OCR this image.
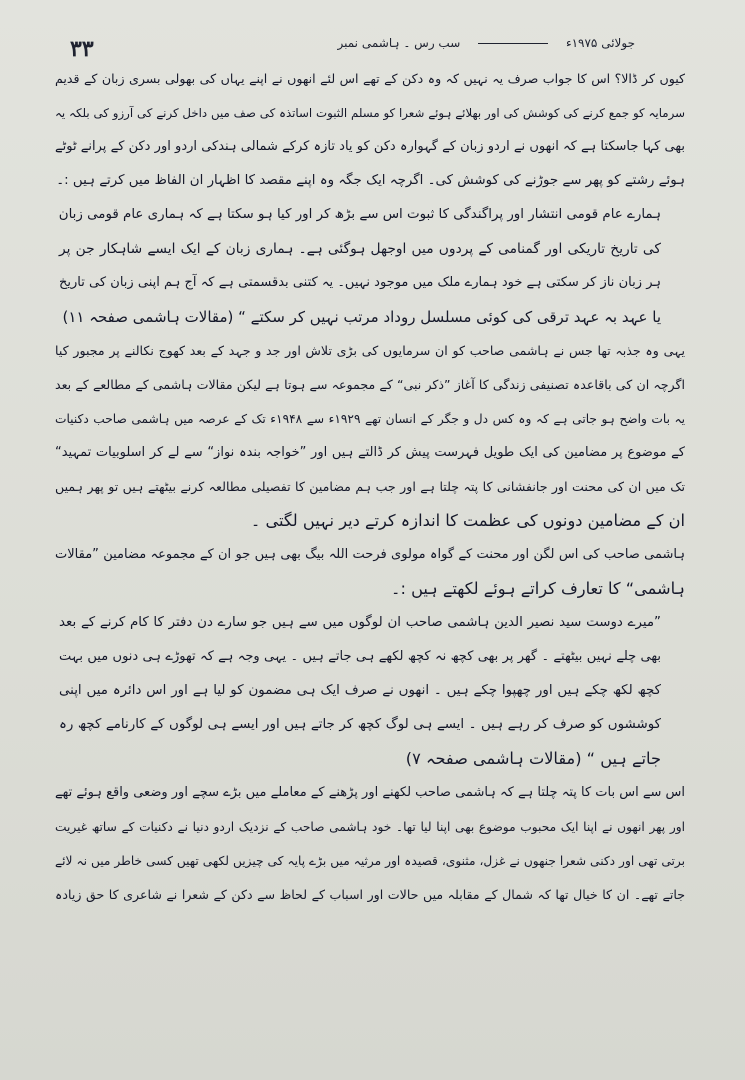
۳۳	جولائی ۱۹۷۵ء  سب رس ۔ ہاشمی نمبر
کیوں کر ڈالا؟ اس کا جواب صرف یہ نہیں کہ وہ دکن کے تھے اس لئے انھوں نے اپنے یہاں کی بھولی بسری زبان کے قدیم
سرمایہ کو جمع کرنے کی کوشش کی اور بھلائے ہوئے شعرا کو مسلم الثبوت اساتذہ کی صف میں داخل کرنے کی آرزو کی بلکہ یہ
بھی کہا جاسکتا ہے کہ انھوں نے اردو زبان کے گہوارہ دکن کو یاد تازہ کرکے شمالی ہندکی اردو اور دکن کے پرانے ٹوٹے
ہوئے رشتے کو پھر سے جوڑنے کی کوشش کی۔ اگرچہ ایک جگہ وہ اپنے مقصد کا اظہار ان الفاظ میں کرتے ہیں :۔
ہمارے عام قومی انتشار اور پراگندگی کا ثبوت اس سے بڑھ کر اور کیا ہو سکتا ہے کہ ہماری عام قومی زبان
کی تاریخ تاریکی اور گمنامی کے پردوں میں اوجھل ہوگئی ہے۔ ہماری زبان کے ایک ایسے شاہکار جن پر
ہر زبان ناز کر سکتی ہے خود ہمارے ملک میں موجود نہیں۔ یہ کتنی بدقسمتی ہے کہ آج ہم اپنی زبان کی تاریخ
یا عہد بہ عہد ترقی کی کوئی مسلسل روداد مرتب نہیں کر سکتے “ (مقالات ہاشمی صفحہ ۱۱)
یہی وہ جذبہ تھا جس نے ہاشمی صاحب کو ان سرمایوں کی بڑی تلاش اور جد و جہد کے بعد کھوج نکالنے پر مجبور کیا
اگرچہ ان کی باقاعدہ تصنیفی زندگی کا آغاز ”ذکر نبی“ کے مجموعہ سے ہوتا ہے لیکن مقالات ہاشمی کے مطالعے کے بعد
یہ بات واضح ہو جاتی ہے کہ وہ کس دل و جگر کے انسان تھے ۱۹۲۹ء سے ۱۹۴۸ء تک کے عرصہ میں ہاشمی صاحب دکنیات
کے موضوع پر مضامین کی ایک طویل فہرست پیش کر ڈالتے ہیں اور ”خواجہ بندہ نواز“ سے لے کر اسلوبیات تمہید“
تک میں ان کی محنت اور جانفشانی کا پتہ چلتا ہے اور جب ہم مضامین کا تفصیلی مطالعہ کرنے بیٹھتے ہیں تو پھر ہمیں
ان کے مضامین دونوں کی عظمت کا اندازہ کرتے دیر نہیں لگتی ۔
ہاشمی صاحب کی اس لگن اور محنت کے گواہ مولوی فرحت اللہ بیگ بھی ہیں جو ان کے مجموعہ مضامین ”مقالات
ہاشمی“ کا تعارف کراتے ہوئے لکھتے ہیں :۔
”میرے دوست سید نصیر الدین ہاشمی صاحب ان لوگوں میں سے ہیں جو سارے دن دفتر کا کام کرنے کے بعد
بھی چلے نہیں بیٹھتے ۔ گھر پر بھی کچھ نہ کچھ لکھے ہی جاتے ہیں ۔ یہی وجہ ہے کہ تھوڑے ہی دنوں میں بہت
کچھ لکھ چکے ہیں اور چھپوا چکے ہیں ۔ انھوں نے صرف ایک ہی مضمون کو لیا ہے اور اس دائرہ میں اپنی
کوششوں کو صرف کر رہے ہیں ۔ ایسے ہی لوگ کچھ کر جاتے ہیں اور ایسے ہی لوگوں کے کارنامے کچھ رہ
جاتے ہیں “ (مقالات ہاشمی صفحہ ۷)
اس سے اس بات کا پتہ چلتا ہے کہ ہاشمی صاحب لکھنے اور پڑھنے کے معاملے میں بڑے سچے اور وضعی واقع ہوئے تھے
اور پھر انھوں نے اپنا ایک محبوب موضوع بھی اپنا لیا تھا۔ خود ہاشمی صاحب کے نزدیک اردو دنیا نے دکنیات کے ساتھ غیریت
برتی تھی اور دکنی شعرا جنھوں نے غزل، مثنوی، قصیدہ اور مرثیہ میں بڑے پایہ کی چیزیں لکھی تھیں کسی خاطر میں نہ لائے
جاتے تھے۔ ان کا خیال تھا کہ شمال کے مقابلہ میں حالات اور اسباب کے لحاظ سے دکن کے شعرا نے شاعری کا حق زیادہ
